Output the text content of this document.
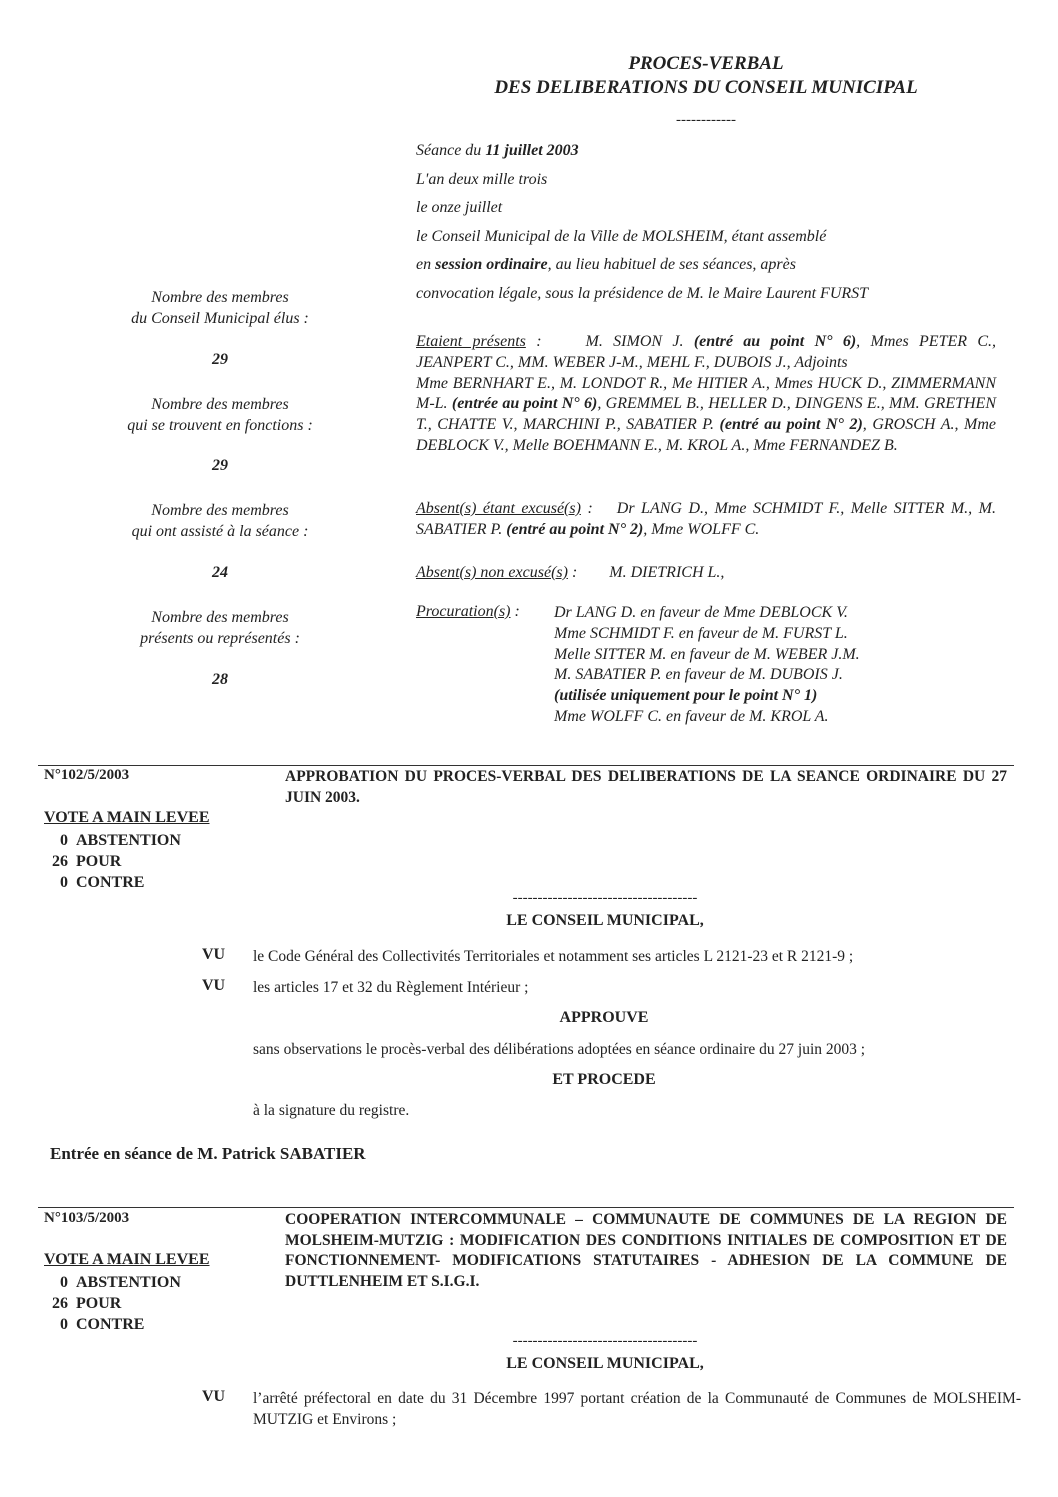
PROCES-VERBAL
DES DELIBERATIONS DU CONSEIL MUNICIPAL
------------
Séance du 11 juillet 2003
L'an deux mille trois
le onze juillet
le Conseil Municipal de la Ville de MOLSHEIM, étant assemblé
en session ordinaire, au lieu habituel de ses séances, après
convocation légale, sous la présidence de M. le Maire Laurent FURST
Nombre des membres
du Conseil Municipal élus :
29
Nombre des membres
qui se trouvent en fonctions :
29
Nombre des membres
qui ont assisté à la séance :
24
Nombre des membres
présents ou représentés :
28
Etaient présents :	M. SIMON J. (entré au point N° 6), Mmes PETER C., JEANPERT C., MM. WEBER J-M., MEHL F., DUBOIS J., Adjoints
Mme BERNHART E., M. LONDOT R., Me HITIER A., Mmes HUCK D., ZIMMERMANN M-L. (entrée au point N° 6), GREMMEL B., HELLER D., DINGENS E., MM. GRETHEN T., CHATTE V., MARCHINI P., SABATIER P. (entré au point N° 2), GROSCH A., Mme DEBLOCK V., Melle BOEHMANN E., M. KROL A., Mme FERNANDEZ B.
Absent(s) étant excusé(s) : Dr LANG D., Mme SCHMIDT F., Melle SITTER M., M. SABATIER P. (entré au point N° 2), Mme WOLFF C.
Absent(s) non excusé(s) : M. DIETRICH L.,
Procuration(s) : Dr LANG D. en faveur de Mme DEBLOCK V.
Mme SCHMIDT F. en faveur de M. FURST L.
Melle SITTER M. en faveur de M. WEBER J.M.
M. SABATIER P. en faveur de M. DUBOIS J.
(utilisée uniquement pour le point N° 1)
Mme WOLFF C. en faveur de M. KROL A.
N°102/5/2003	APPROBATION DU PROCES-VERBAL DES DELIBERATIONS DE LA SEANCE ORDINAIRE DU 27 JUIN 2003.
VOTE A MAIN LEVEE
0 ABSTENTION
26 POUR
0 CONTRE
-------------------------------------
LE CONSEIL MUNICIPAL,
VU le Code Général des Collectivités Territoriales et notamment ses articles L 2121-23 et R 2121-9 ;
VU les articles 17 et 32 du Règlement Intérieur ;
APPROUVE
sans observations le procès-verbal des délibérations adoptées en séance ordinaire du 27 juin 2003 ;
ET PROCEDE
à la signature du registre.
Entrée en séance de M. Patrick SABATIER
N°103/5/2003	COOPERATION INTERCOMMUNALE – COMMUNAUTE DE COMMUNES DE LA REGION DE MOLSHEIM-MUTZIG : MODIFICATION DES CONDITIONS INITIALES DE COMPOSITION ET DE FONCTIONNEMENT- MODIFICATIONS STATUTAIRES - ADHESION DE LA COMMUNE DE DUTTLENHEIM ET S.I.G.I.
VOTE A MAIN LEVEE
0 ABSTENTION
26 POUR
0 CONTRE
-------------------------------------
LE CONSEIL MUNICIPAL,
VU l’arrêté préfectoral en date du 31 Décembre 1997 portant création de la Communauté de Communes de MOLSHEIM-MUTZIG et Environs ;
